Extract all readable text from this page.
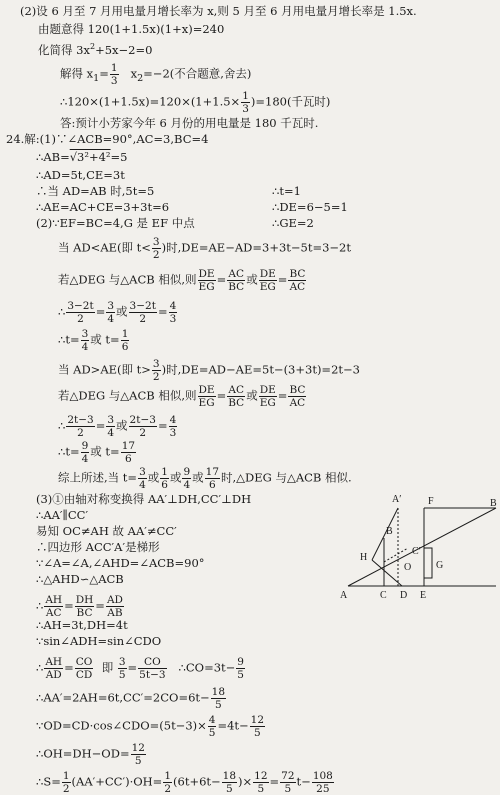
(2)设 6 月至 7 月用电量月增长率为 x,则 5 月至 6 月用电量月增长率是 1.5x.
由题意得 120(1+1.5x)(1+x)=240
化简得 $3x^2+5x-2=0$
解得 $x_1= \frac{1}{3} x_2=-2$(不合题意,舍去)
∴120×(1+1.5x)=120×(1+1.5× $\frac{1}{3} )=180$(千瓦时)
答:预计小芳家今年 6 月份的用电量是 180 千瓦时.
24.解:(1)∵∠ACB=90°,AC=3,BC=4
∴AB=√3²+4²=5
∴AD=5t,CE=3t
∴当 AD=AB 时,5t=5	∴t=1
∴AE=AC+CE=3+3t=6	∴DE=6−5=1
(2)∵EF=BC=4,G 是 EF 中点	∴GE=2
当 AD<AE(即 $t< \frac{3}{2}$ )时,DE=AE−AD=3+3t−5t=3−2t
若△DEG 与△ACB 相似,则 $\frac{DE}{EG} = \frac{AC}{BC}$ 或 $\frac{DE}{EG} = \frac{BC}{AC}$
∴ $\frac{3-2t}{2} = \frac{3}{4}$ 或 $\frac{3-2t}{2} = \frac{4}{3}$
∴t= $\frac{3}{4}$ 或 $t= \frac{1}{6}$
当 AD>AE(即 $t> \frac{3}{2}$ )时,DE=AD−AE=5t−(3+3t)=2t−3
若△DEG 与△ACB 相似,则 $\frac{DE}{EG} = \frac{AC}{BC}$ 或 $\frac{DE}{EG} = \frac{BC}{AC}$
∴ $\frac{2t-3}{2} = \frac{3}{4}$ 或 $\frac{2t-3}{2} = \frac{4}{3}$
∴t= $\frac{9}{4}$ 或 $t= \frac{17}{6}$
综上所述,当 $t= \frac{3}{4}$ 或 $\frac{1}{6}$ 或 $\frac{9}{4}$ 或 $\frac{17}{6}$ 时,△DEG 与△ACB 相似.
(3)①由轴对称变换得 AA′⊥DH,CC′⊥DH
∴AA′∥CC′
易知 OC≠AH 故 AA′≠CC′
∴四边形 ACC′A′是梯形
∵∠A=∠A,∠AHD=∠ACB=90°
∴△AHD∽△ACB
∴ $\frac{AH}{AC} = \frac{DH}{BC} = \frac{AD}{AB}$
∴AH=3t,DH=4t
∵sin∠ADH=sin∠CDO
∴ $\frac{AH}{AD} = \frac{CO}{CD}$ 即 $\frac{3}{5} = \frac{CO}{5t-3}$ ∴CO=3t− $\frac{9}{5}$
∴AA′=2AH=6t,CC′=2CO=6t− $\frac{18}{5}$
∵OD=CD·cos∠CDO=(5t−3)× $\frac{4}{5} =4t- \frac{12}{5}$
∴OH=DH−OD= $\frac{12}{5}$
∴S= $\frac{1}{2} (AA'+CC')\cdot OH= \frac{1}{2} (6t+6t- \frac{18}{5}$ )× $\frac{12}{5} = \frac{72}{5} t- \frac{108}{25}$
A	C D E
F
G
H
O
A′
C′
B
B
